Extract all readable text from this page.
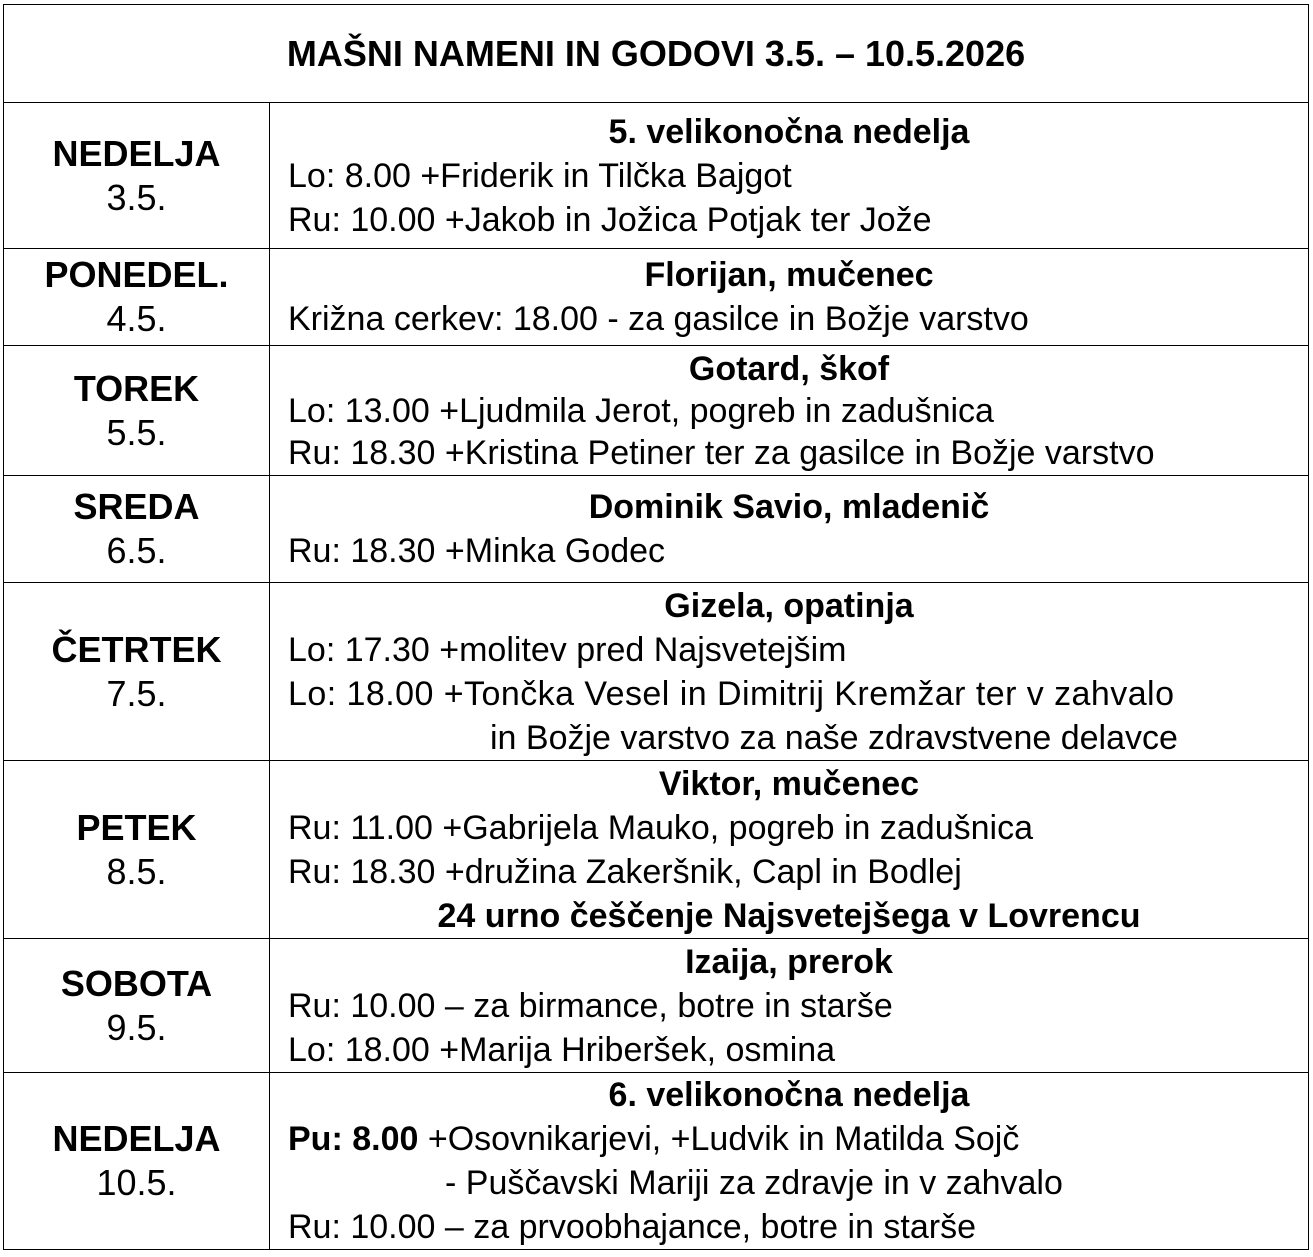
MAŠNI NAMENI IN GODOVI 3.5. – 10.5.2026	

NEDELJA
3.5.	5. velikonočna nedelja
Lo: 8.00 +Friderik in Tilčka Bajgot
Ru: 10.00 +Jakob in Jožica Potjak ter Jože

PONEDEL.
4.5.	Florijan, mučenec
Križna cerkev: 18.00 - za gasilce in Božje varstvo

TOREK
5.5.	Gotard, škof
Lo: 13.00 +Ljudmila Jerot, pogreb in zadušnica
Ru: 18.30 +Kristina Petiner ter za gasilce in Božje varstvo

SREDA
6.5.	Dominik Savio, mladenič
Ru: 18.30 +Minka Godec

ČETRTEK
7.5.	Gizela, opatinja
Lo: 17.30 +molitev pred Najsvetejšim
Lo: 18.00 +Tončka Vesel in Dimitrij Kremžar ter v zahvalo
in Božje varstvo za naše zdravstvene delavce

PETEK
8.5.	Viktor, mučenec
Ru: 11.00 +Gabrijela Mauko, pogreb in zadušnica
Ru: 18.30 +družina Zakeršnik, Capl in Bodlej
24 urno češčenje Najsvetejšega v Lovrencu

SOBOTA
9.5.	Izaija, prerok
Ru: 10.00 – za birmance, botre in starše
Lo: 18.00 +Marija Hriberšek, osmina

NEDELJA
10.5.	6. velikonočna nedelja
Pu: 8.00 +Osovnikarjevi, +Ludvik in Matilda Sojč
- Puščavski Mariji za zdravje in v zahvalo
Ru: 10.00 – za prvoobhajance, botre in starše
